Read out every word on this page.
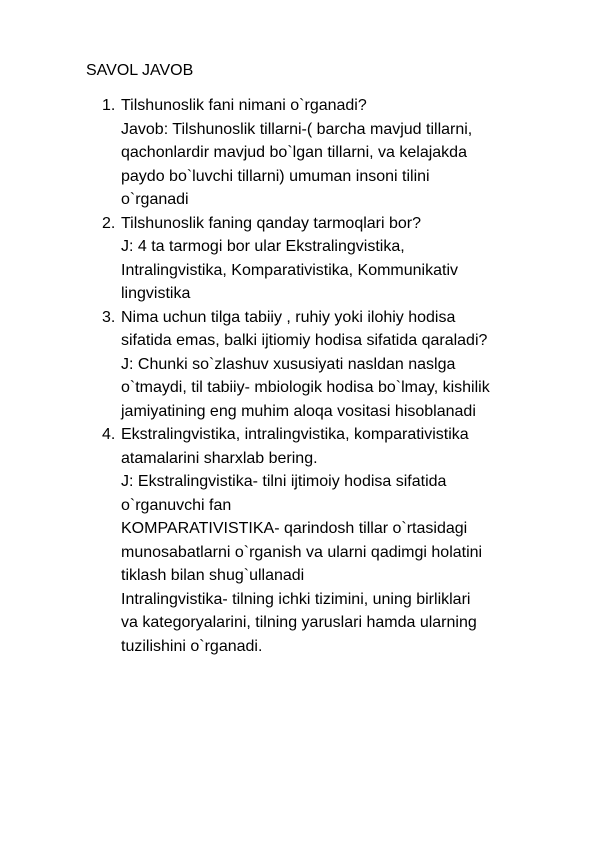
SAVOL JAVOB
1. Tilshunoslik fani nimani o`rganadi?
Javob: Tilshunoslik tillarni-( barcha mavjud tillarni,
qachonlardir mavjud bo`lgan tillarni, va kelajakda
paydo bo`luvchi tillarni) umuman insoni tilini
o`rganadi
2. Tilshunoslik faning qanday tarmoqlari bor?
J: 4 ta tarmogi bor ular Ekstralingvistika,
Intralingvistika, Komparativistika, Kommunikativ
lingvistika
3. Nima uchun tilga tabiiy , ruhiy yoki ilohiy hodisa
sifatida emas, balki ijtiomiy hodisa sifatida qaraladi?
J: Chunki so`zlashuv xususiyati nasldan naslga
o`tmaydi, til tabiiy- mbiologik hodisa bo`lmay, kishilik
jamiyatining eng muhim aloqa vositasi hisoblanadi
4. Ekstralingvistika, intralingvistika, komparativistika
atamalarini sharxlab bering.
J: Ekstralingvistika- tilni ijtimoiy hodisa sifatida
o`rganuvchi fan
KOMPARATIVISTIKA- qarindosh tillar o`rtasidagi
munosabatlarni o`rganish va ularni qadimgi holatini
tiklash bilan shug`ullanadi
Intralingvistika- tilning ichki tizimini, uning birliklari
va kategoryalarini, tilning yaruslari hamda ularning
tuzilishini o`rganadi.
